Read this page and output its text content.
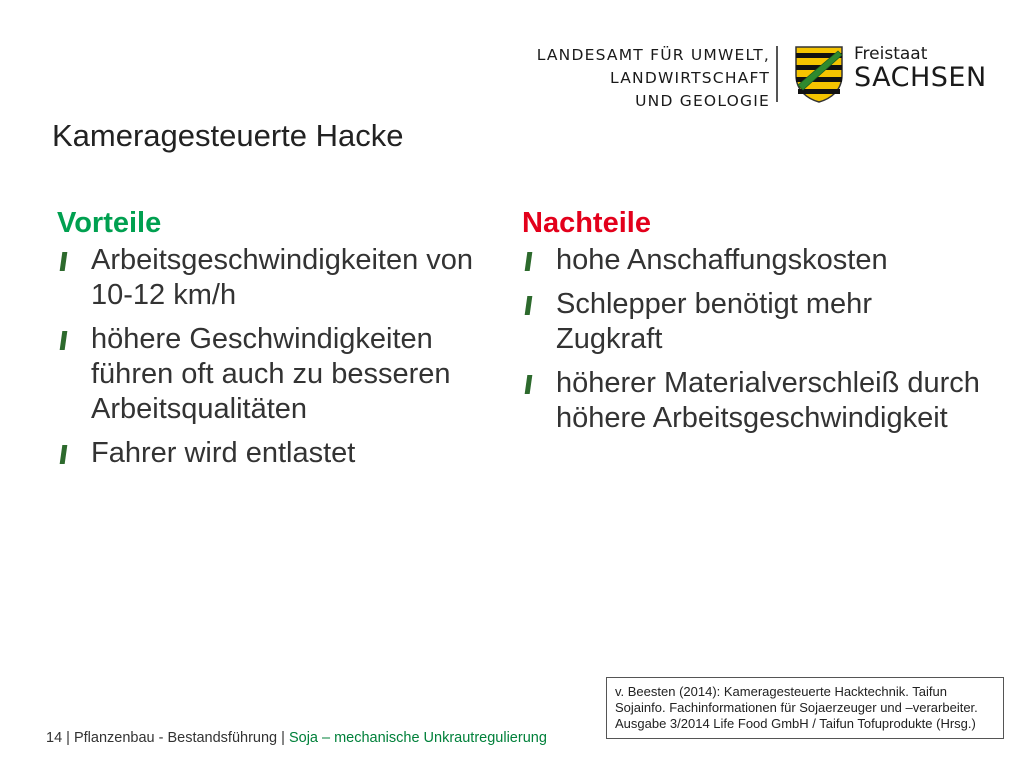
LANDESAMT FÜR UMWELT,
LANDWIRTSCHAFT
UND GEOLOGIE
Freistaat
SACHSEN
Kameragesteuerte Hacke
Vorteile
Arbeitsgeschwindigkeiten von 10-12 km/h
höhere Geschwindigkeiten führen oft auch zu besseren Arbeitsqualitäten
Fahrer wird entlastet
Nachteile
hohe Anschaffungskosten
Schlepper benötigt mehr Zugkraft
höherer Materialverschleiß durch höhere Arbeitsgeschwindigkeit
v. Beesten (2014): Kameragesteuerte Hacktechnik. Taifun Sojainfo. Fachinformationen für Sojaerzeuger und –verarbeiter. Ausgabe 3/2014 Life Food GmbH / Taifun Tofuprodukte (Hrsg.)
14 | Pflanzenbau - Bestandsführung | Soja – mechanische Unkrautregulierung
